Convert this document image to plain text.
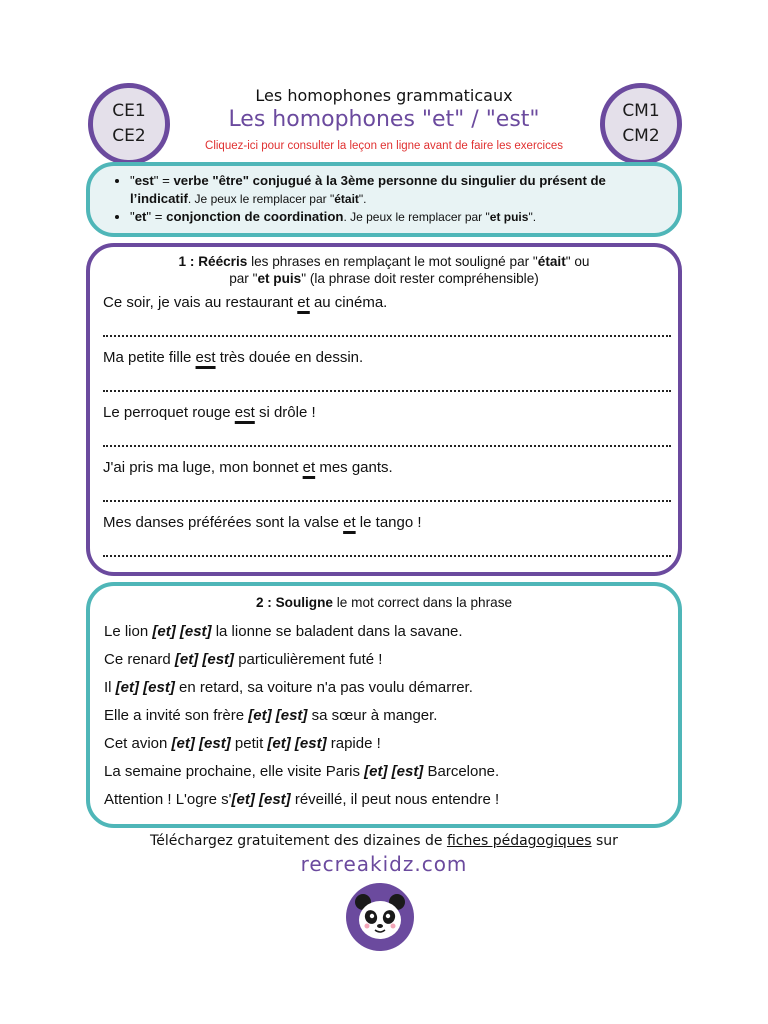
CE1
CE2
CM1
CM2
Les homophones grammaticaux
Les homophones "et" / "est"
Cliquez-ici pour consulter la leçon en ligne avant de faire les exercices
• "est" = verbe "être" conjugué à la 3ème personne du singulier du présent de l’indicatif. Je peux le remplacer par "était".
• "et" = conjonction de coordination. Je peux le remplacer par "et puis".
1 : Réécris les phrases en remplaçant le mot souligné par "était" ou
par "et puis" (la phrase doit rester compréhensible)
Ce soir, je vais au restaurant et au cinéma.
Ma petite fille est très douée en dessin.
Le perroquet rouge est si drôle !
J'ai pris ma luge, mon bonnet et mes gants.
Mes danses préférées sont la valse et le tango !
2 : Souligne le mot correct dans la phrase
Le lion [et] [est] la lionne se baladent dans la savane.
Ce renard [et] [est] particulièrement futé !
Il [et] [est] en retard, sa voiture n'a pas voulu démarrer.
Elle a invité son frère [et] [est] sa sœur à manger.
Cet avion [et] [est] petit [et] [est] rapide !
La semaine prochaine, elle visite Paris [et] [est] Barcelone.
Attention ! L'ogre s'[et] [est] réveillé, il peut nous entendre !
Téléchargez gratuitement des dizaines de fiches pédagogiques sur
recreakidz.com
